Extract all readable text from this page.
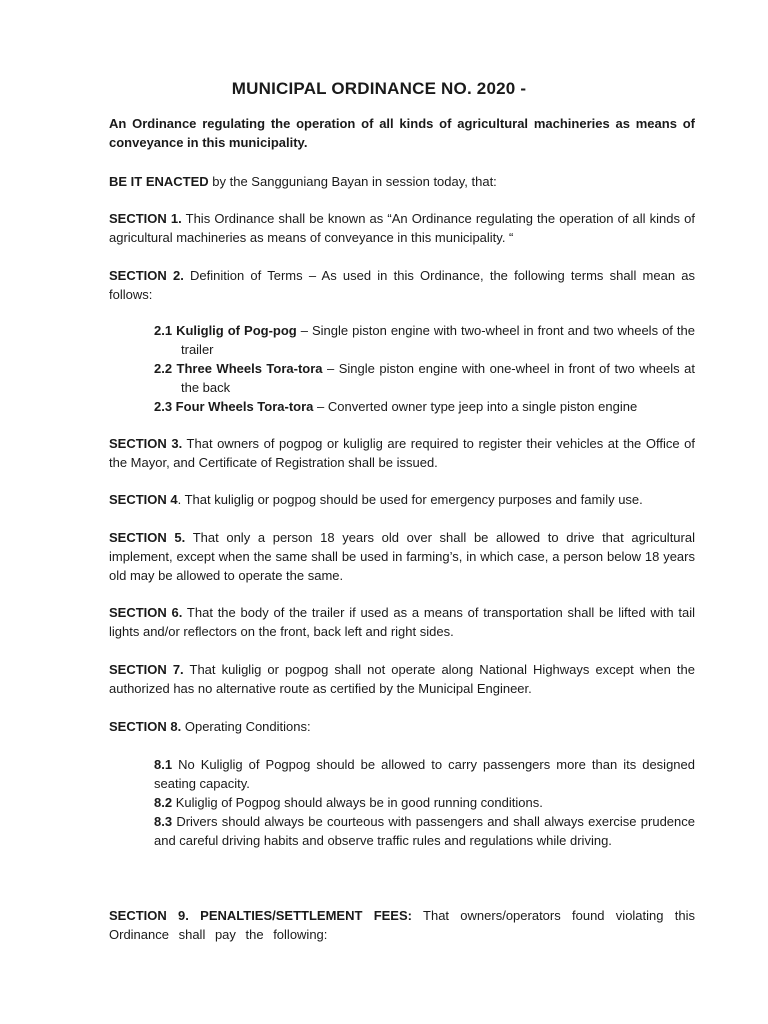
MUNICIPAL ORDINANCE NO. 2020 -
An Ordinance regulating the operation of all kinds of agricultural machineries as means of conveyance in this municipality.
BE IT ENACTED by the Sangguniang Bayan in session today, that:
SECTION 1. This Ordinance shall be known as “An Ordinance regulating the operation of all kinds of agricultural machineries as means of conveyance in this municipality. “
SECTION 2. Definition of Terms – As used in this Ordinance, the following terms shall mean as follows:

2.1 Kuliglig of Pog-pog – Single piston engine with two-wheel in front and two wheels of the trailer

2.2 Three Wheels Tora-tora – Single piston engine with one-wheel in front of two wheels at the back

2.3 Four Wheels Tora-tora – Converted owner type jeep into a single piston engine

SECTION 3. That owners of pogpog or kuliglig are required to register their vehicles at the Office of the Mayor, and Certificate of Registration shall be issued.
SECTION 4. That kuliglig or pogpog should be used for emergency purposes and family use.
SECTION 5. That only a person 18 years old over shall be allowed to drive that agricultural implement, except when the same shall be used in farming’s, in which case, a person below 18 years old may be allowed to operate the same.
SECTION 6. That the body of the trailer if used as a means of transportation shall be lifted with tail lights and/or reflectors on the front, back left and right sides.
SECTION 7. That kuliglig or pogpog shall not operate along National Highways except when the authorized has no alternative route as certified by the Municipal Engineer.
SECTION 8. Operating Conditions:

8.1 No Kuliglig of Pogpog should be allowed to carry passengers more than its designed seating capacity.

8.2 Kuliglig of Pogpog should always be in good running conditions.

8.3 Drivers should always be courteous with passengers and shall always exercise prudence and careful driving habits and observe traffic rules and regulations while driving.

SECTION 9. PENALTIES/SETTLEMENT FEES: That owners/operators found violating this Ordinance shall pay the following:
